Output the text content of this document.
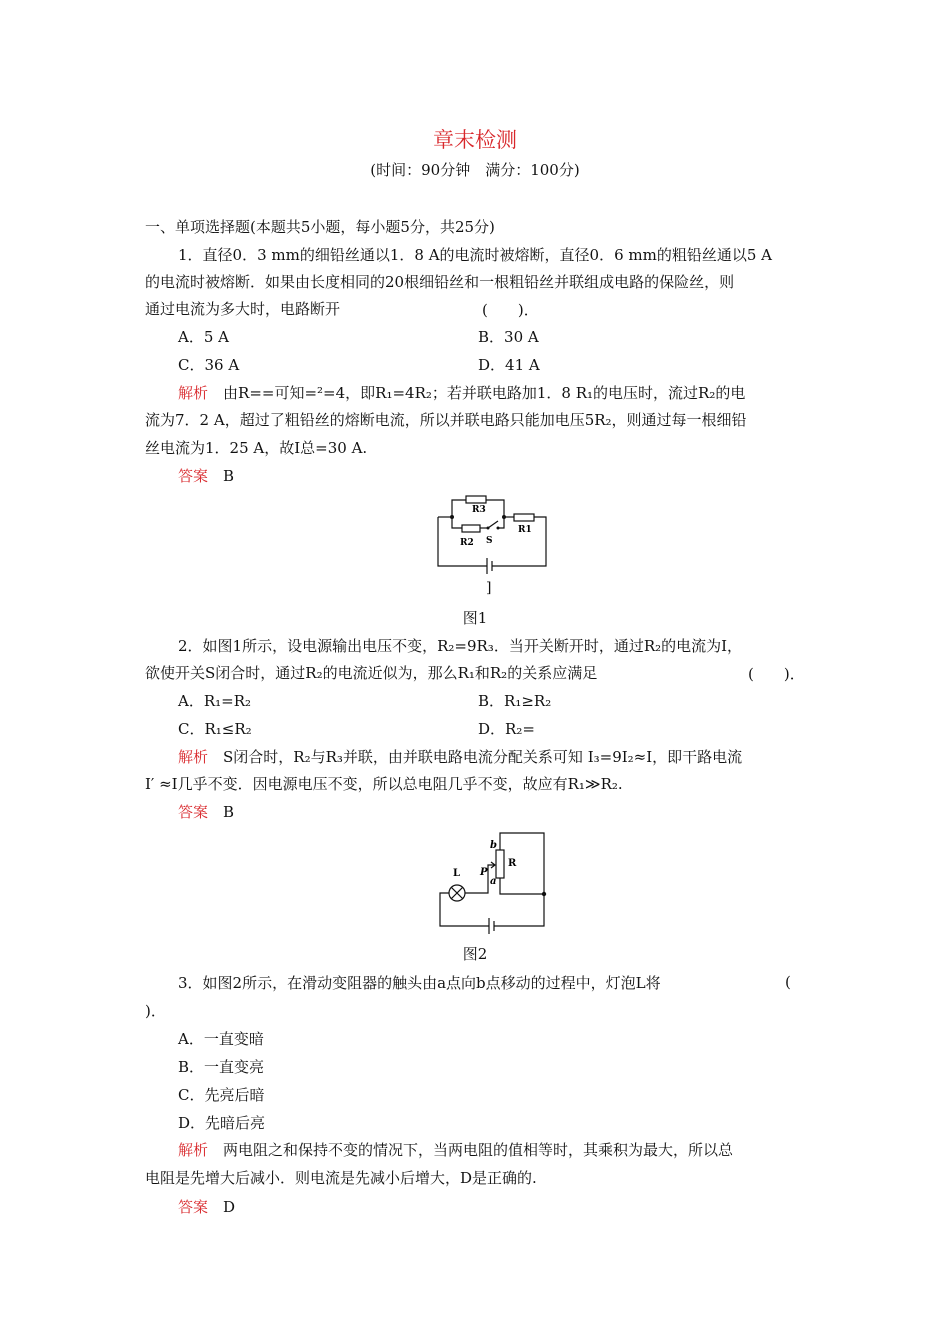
章末检测
(时间：90分钟　满分：100分)
一、单项选择题(本题共5小题，每小题5分，共25分)
1．直径0．3 mm的细铅丝通以1．8 A的电流时被熔断，直径0．6 mm的粗铅丝通以5 A
的电流时被熔断．如果由长度相同的20根细铅丝和一根粗铅丝并联组成电路的保险丝，则
通过电流为多大时，电路断开	(　　)．
A．5 A	B．30 A
C．36 A	D．41 A
解析　 由R==可知=²=4，即R₁=4R₂；若并联电路加1．8 R₁的电压时，流过R₂的电
流为7．2 A，超过了粗铅丝的熔断电流，所以并联电路只能加电压5R₂，则通过每一根细铅
丝电流为1．25 A，故I总=30 A.
答案　 B
R3
R1
R2 S
]
图1
2．如图1所示，设电源输出电压不变，R₂=9R₃．当开关断开时，通过R₂的电流为I，
欲使开关S闭合时，通过R₂的电流近似为，那么R₁和R₂的关系应满足	(　　)．
A．R₁=R₂	B．R₁≥R₂
C．R₁≤R₂	D．R₂=
解析　 S闭合时，R₂与R₃并联，由并联电路电流分配关系可知 I₃=9I₂≈I，即干路电流
I′ ≈I几乎不变．因电源电压不变，所以总电阻几乎不变，故应有R₁≫R₂.
答案　 B
b
R
L P
a
图2
3．如图2所示，在滑动变阻器的触头由a点向b点移动的过程中，灯泡L将	(
)．
A．一直变暗
B．一直变亮
C．先亮后暗
D．先暗后亮
解析　 两电阻之和保持不变的情况下，当两电阻的值相等时，其乘积为最大，所以总
电阻是先增大后减小．则电流是先减小后增大，D是正确的.
答案　 D
